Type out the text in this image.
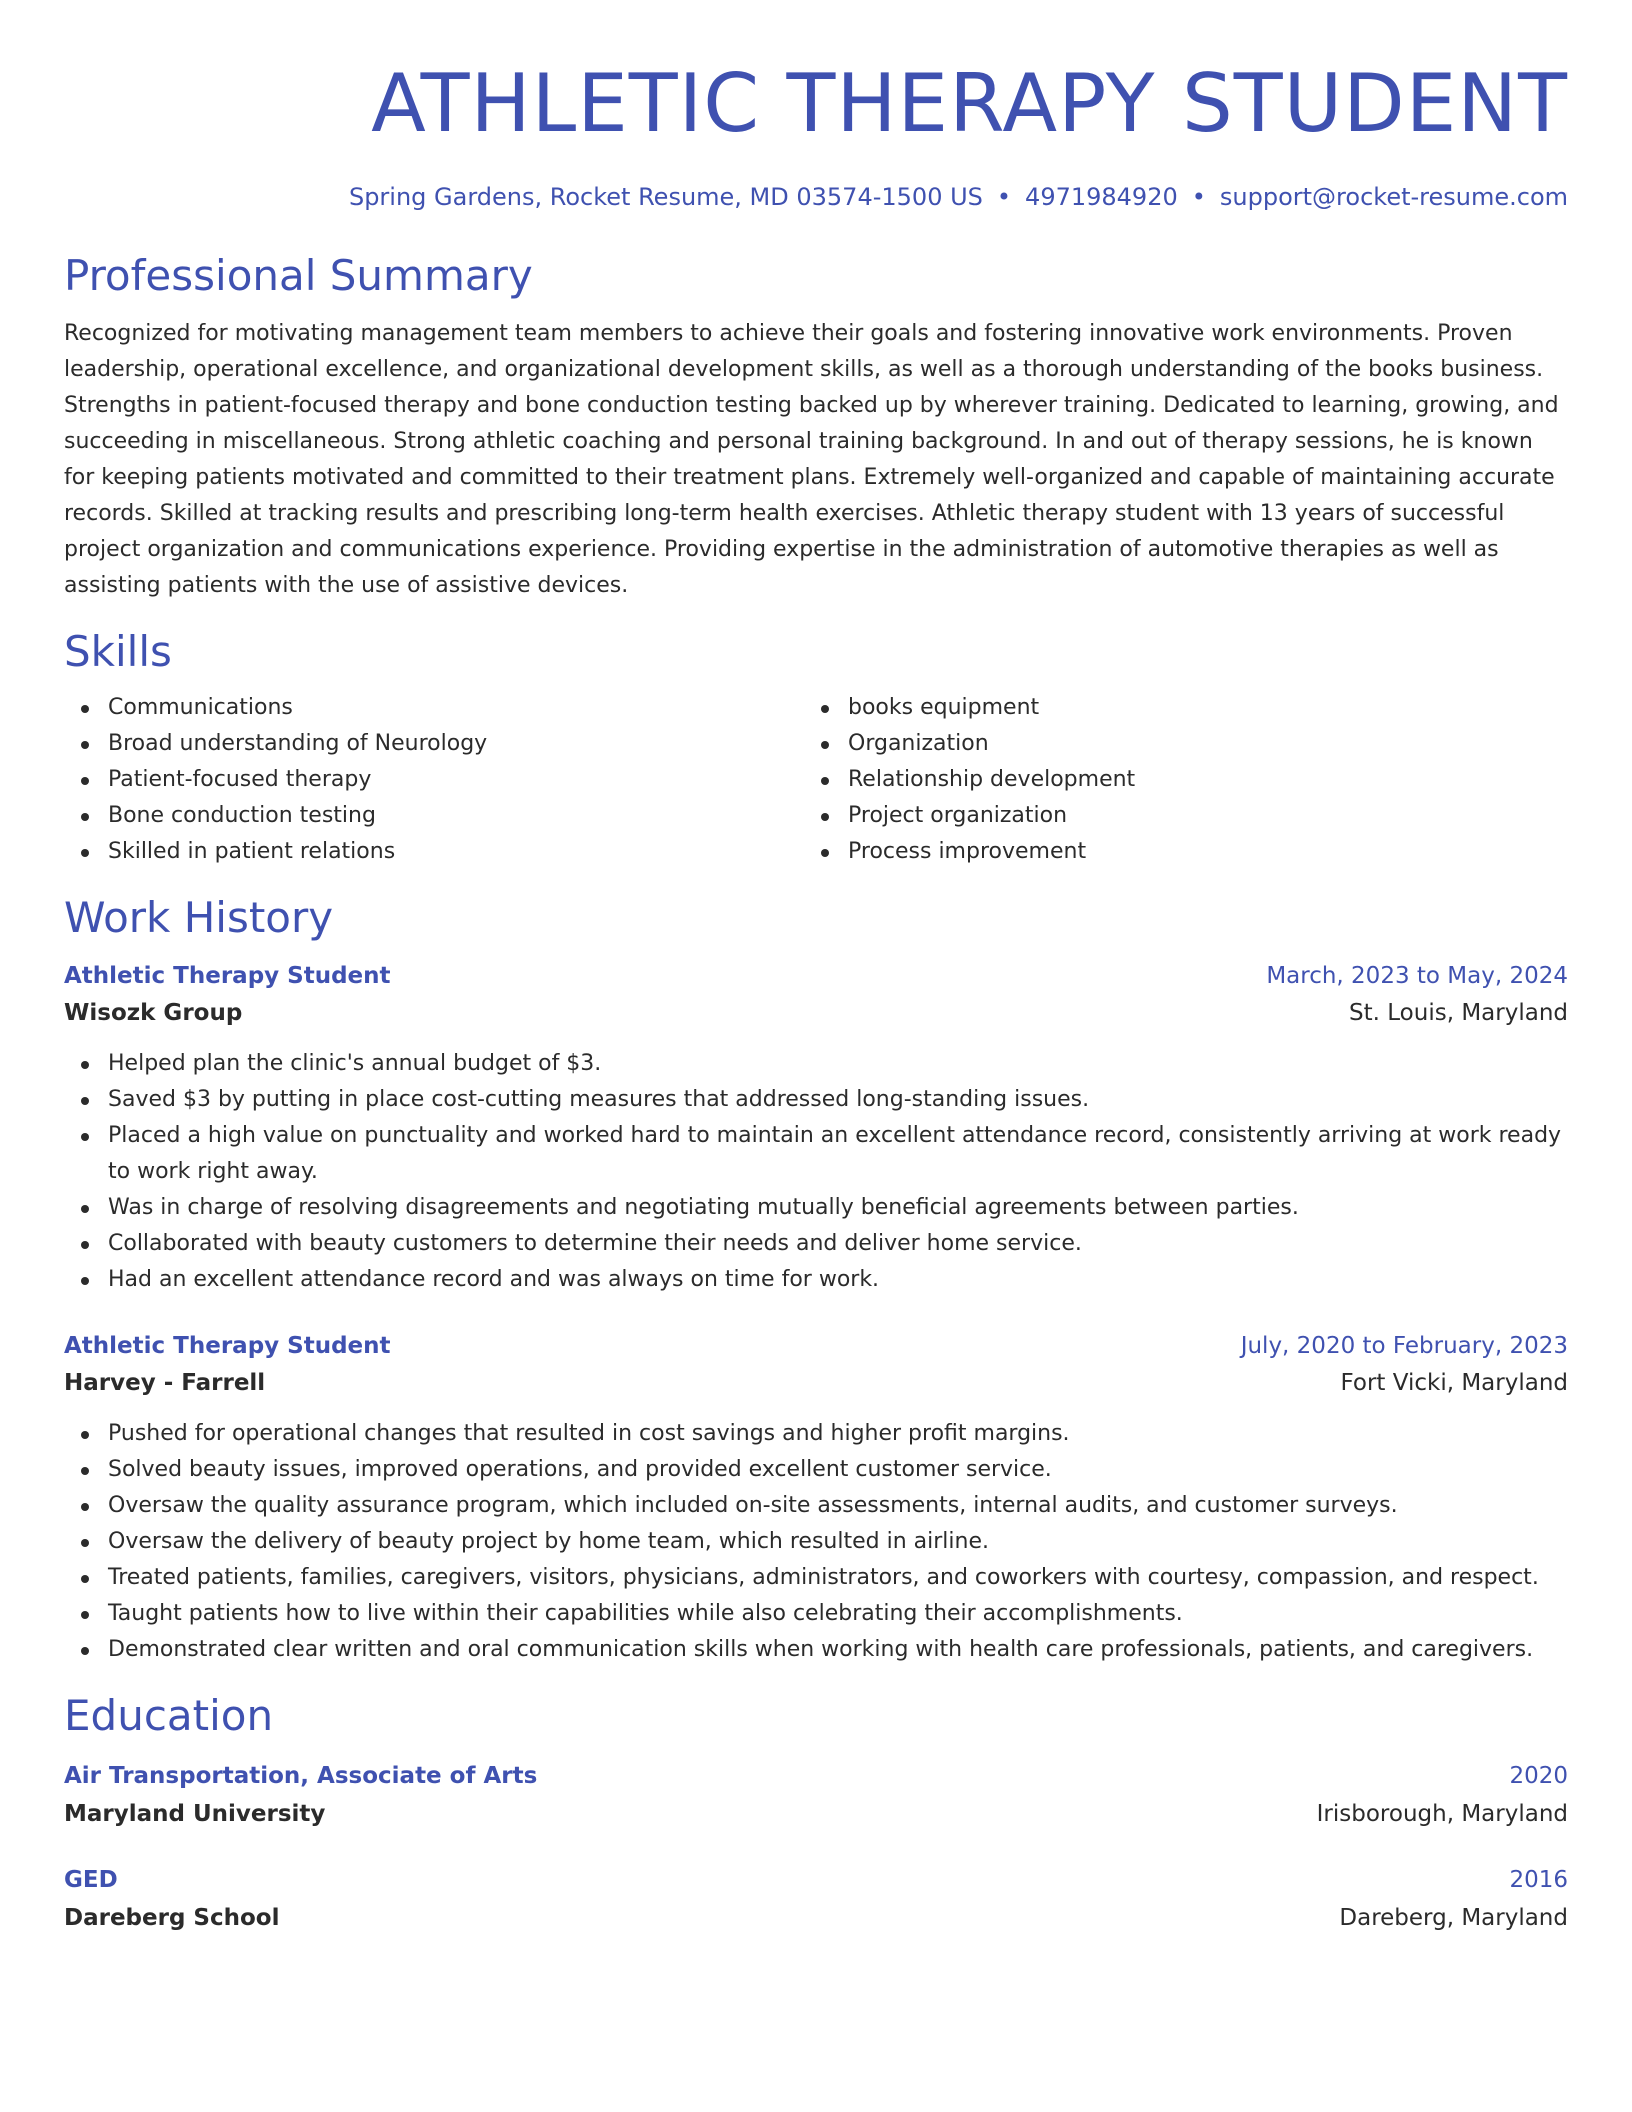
ATHLETIC THERAPY STUDENT
Spring Gardens, Rocket Resume, MD 03574-1500 US • 4971984920 • support@rocket-resume.com
Professional Summary
Recognized for motivating management team members to achieve their goals and fostering innovative work environments. Proven leadership, operational excellence, and organizational development skills, as well as a thorough understanding of the books business. Strengths in patient-focused therapy and bone conduction testing backed up by wherever training. Dedicated to learning, growing, and succeeding in miscellaneous. Strong athletic coaching and personal training background. In and out of therapy sessions, he is known for keeping patients motivated and committed to their treatment plans. Extremely well-organized and capable of maintaining accurate records. Skilled at tracking results and prescribing long-term health exercises. Athletic therapy student with 13 years of successful project organization and communications experience. Providing expertise in the administration of automotive therapies as well as assisting patients with the use of assistive devices.
Skills
Communications
Broad understanding of Neurology
Patient-focused therapy
Bone conduction testing
Skilled in patient relations
books equipment
Organization
Relationship development
Project organization
Process improvement
Work History
Athletic Therapy Student	March, 2023 to May, 2024
Wisozk Group	St. Louis, Maryland
Helped plan the clinic's annual budget of $3.
Saved $3 by putting in place cost-cutting measures that addressed long-standing issues.
Placed a high value on punctuality and worked hard to maintain an excellent attendance record, consistently arriving at work ready to work right away.
Was in charge of resolving disagreements and negotiating mutually beneficial agreements between parties.
Collaborated with beauty customers to determine their needs and deliver home service.
Had an excellent attendance record and was always on time for work.
Athletic Therapy Student	July, 2020 to February, 2023
Harvey - Farrell	Fort Vicki, Maryland
Pushed for operational changes that resulted in cost savings and higher profit margins.
Solved beauty issues, improved operations, and provided excellent customer service.
Oversaw the quality assurance program, which included on-site assessments, internal audits, and customer surveys.
Oversaw the delivery of beauty project by home team, which resulted in airline.
Treated patients, families, caregivers, visitors, physicians, administrators, and coworkers with courtesy, compassion, and respect.
Taught patients how to live within their capabilities while also celebrating their accomplishments.
Demonstrated clear written and oral communication skills when working with health care professionals, patients, and caregivers.
Education
Air Transportation, Associate of Arts	2020
Maryland University	Irisborough, Maryland
GED	2016
Dareberg School	Dareberg, Maryland
